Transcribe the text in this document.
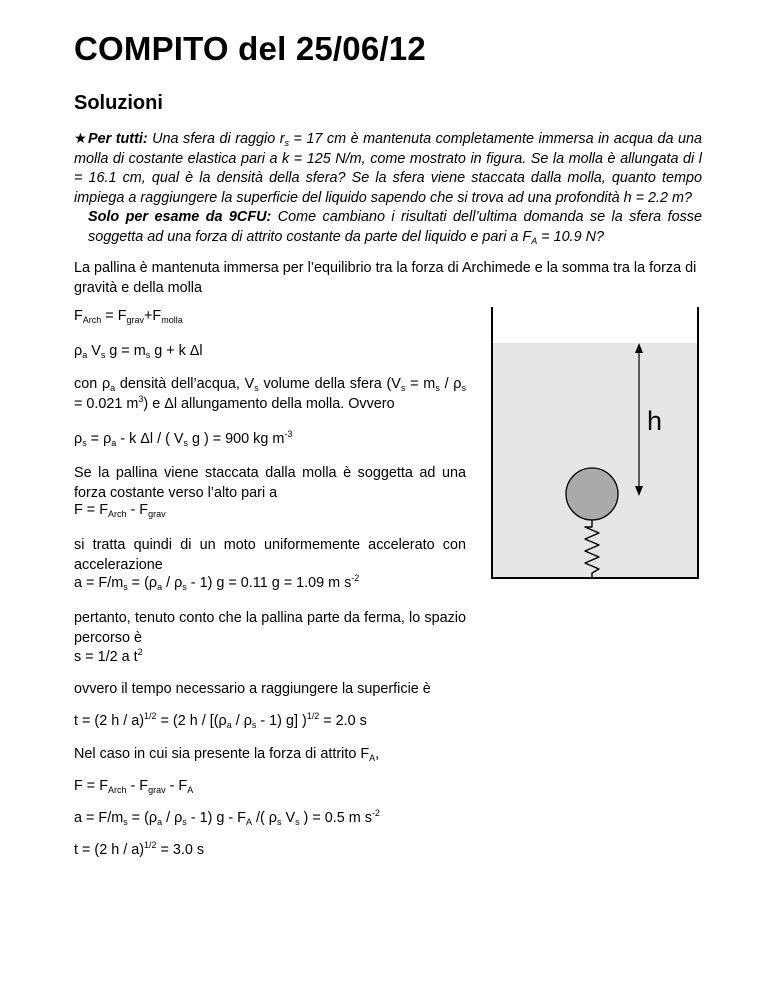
COMPITO del 25/06/12
Soluzioni
★Per tutti: Una sfera di raggio $r_s = 17$ cm è mantenuta completamente immersa in acqua da una molla di costante elastica pari a k = 125 N/m, come mostrato in figura. Se la molla è allungata di l = 16.1 cm, qual è la densità della sfera? Se la sfera viene staccata dalla molla, quanto tempo impiega a raggiungere la superficie del liquido sapendo che si trova ad una profondità h = 2.2 m?
Solo per esame da 9CFU: Come cambiano i risultati dell’ultima domanda se la sfera fosse soggetta ad una forza di attrito costante da parte del liquido e pari a $F_A = 10.9$ N?
La pallina è mantenuta immersa per l’equilibrio tra la forza di Archimede e la somma tra la forza di gravità e della molla
$F_{Arch} = F_{grav}+F_{molla}$
$\rho_a$ $V_s$ $g = m_s$ g + k Δl
con $\rho_a$ densità dell’acqua, $V_s$ volume della sfera ($V_s = m_s / \rho_s = 0.021$ $m^3$) e Δl allungamento della molla. Ovvero
$\rho_s = \rho_a - k$ Δl / ( $V_s$ g ) = 900 kg $m^{-3}$
Se la pallina viene staccata dalla molla è soggetta ad una forza costante verso l’alto pari a
$F = F_{Arch} - F_{grav}$
si tratta quindi di un moto uniformemente accelerato con accelerazione
$a = F/m_s = (\rho_a / \rho_s - 1) g = 0.11$ g = 1.09 m $s^{-2}$
pertanto, tenuto conto che la pallina parte da ferma, lo spazio percorso è
s = 1/2 a $t^2$
ovvero il tempo necessario a raggiungere la superficie è
t = (2 h / a)$^{1/2}$ = (2 h / [$(\rho_a / \rho_s - 1)$ g] )$^{1/2}$ = 2.0 s
Nel caso in cui sia presente la forza di attrito $F_A$,
$F = F_{Arch} - F_{grav} - F_A$
$a = F/m_s = (\rho_a / \rho_s - 1)$ g - $F_A$ /( $\rho_s$ $V_s$ ) = 0.5 m $s^{-2}$
t = (2 h / a)$^{1/2}$ = 3.0 s
h
